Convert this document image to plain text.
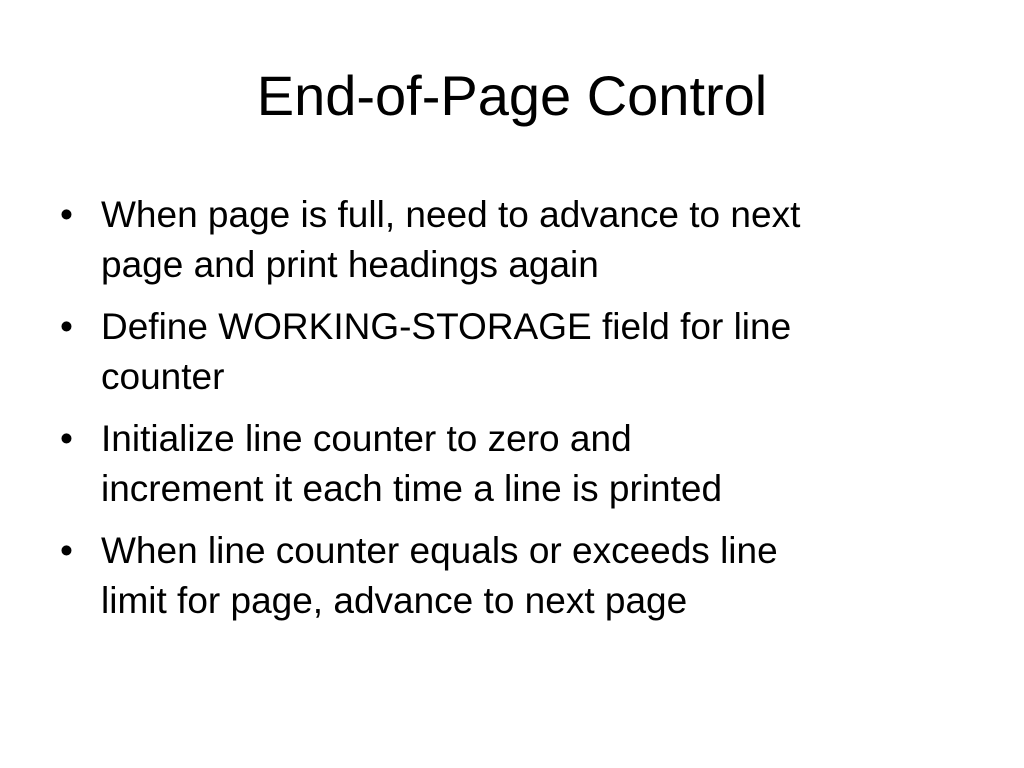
End-of-Page Control
• When page is full, need to advance to next
page and print headings again
• Define WORKING-STORAGE field for line
counter
• Initialize line counter to zero and
increment it each time a line is printed
• When line counter equals or exceeds line
limit for page, advance to next page
